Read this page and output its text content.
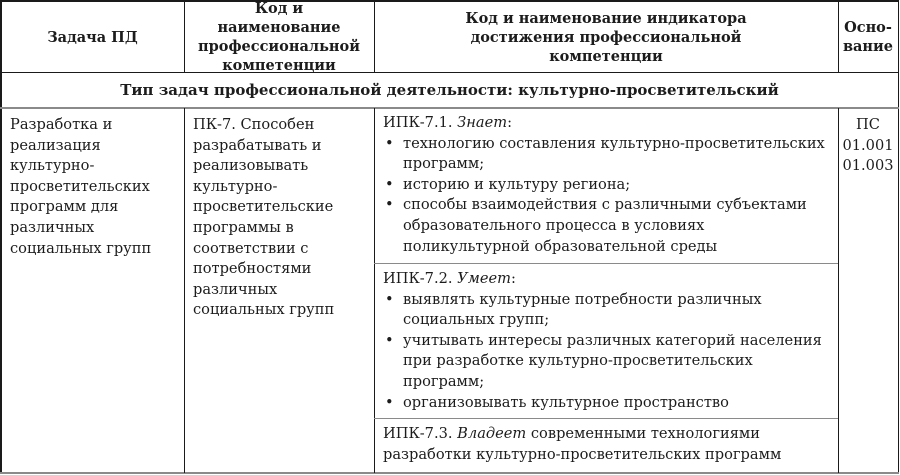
Задача ПД
Код и наименование профессиональной компетенции
Код и наименование индикатора достижения профессиональной компетенции
Осно-вание
Тип задач профессиональной деятельности: культурно-просветительский
Разработка и реализация культурно-просветительских программ для различных социальных групп
ПК-7. Способен разрабатывать и реализовывать культурно-просветительские программы в соответствии с потребностями различных социальных групп
ИПК-7.1. Знает:
• технологию составления культурно-просветительских программ;
• историю и культуру региона;
• способы взаимодействия с различными субъектами образовательного процесса в условиях поликультурной образовательной среды
ИПК-7.2. Умеет:
• выявлять культурные потребности различных социальных групп;
• учитывать интересы различных категорий населения при разработке культурно-просветительских программ;
• организовывать культурное пространство
ИПК-7.3. Владеет современными технологиями разработки культурно-просветительских программ
ПС
01.001
01.003
